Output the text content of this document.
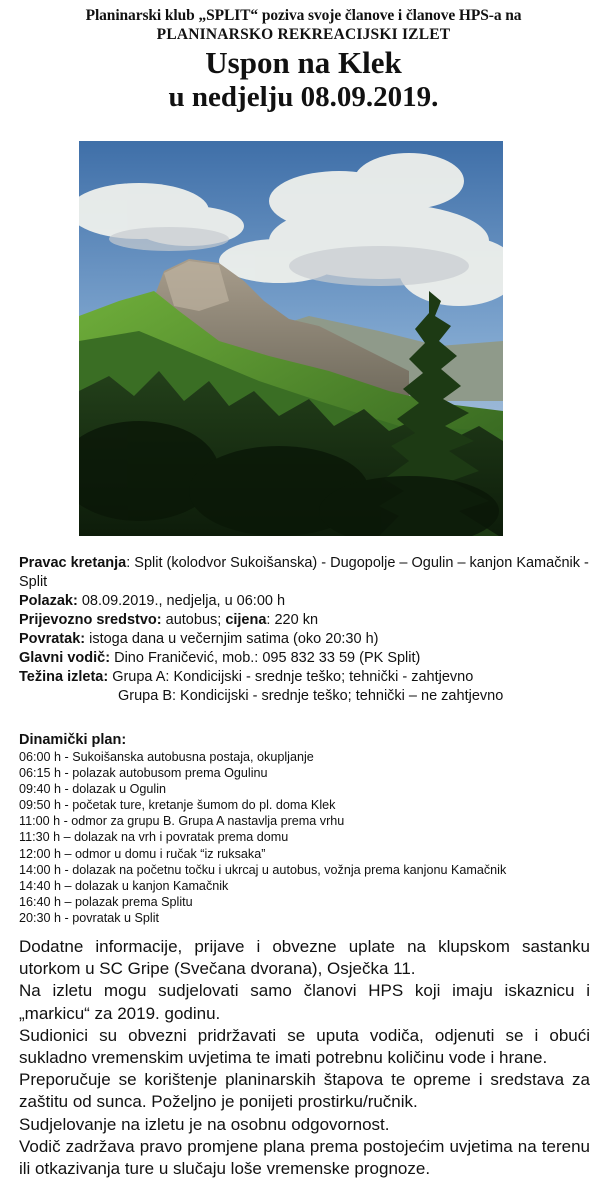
Planinarski klub „SPLIT“ poziva svoje članove i članove HPS-a na
PLANINARSKO REKREACIJSKI IZLET
Uspon na Klek
u nedjelju 08.09.2019.
Pravac kretanja: Split (kolodvor Sukoišanska) - Dugopolje – Ogulin – kanjon Kamačnik - Split
Polazak: 08.09.2019., nedjelja, u 06:00 h
Prijevozno sredstvo: autobus; cijena: 220 kn
Povratak: istoga dana u večernjim satima (oko 20:30 h)
Glavni vodič: Dino Franičević, mob.: 095 832 33 59 (PK Split)
Težina izleta: Grupa A: Kondicijski - srednje teško; tehnički - zahtjevno
Grupa B: Kondicijski - srednje teško; tehnički – ne zahtjevno
Dinamički plan:
06:00 h - Sukoišanska autobusna postaja, okupljanje
06:15 h - polazak autobusom prema Ogulinu
09:40 h - dolazak u Ogulin
09:50 h - početak ture, kretanje šumom do pl. doma Klek
11:00 h - odmor za grupu B. Grupa A nastavlja prema vrhu
11:30 h – dolazak na vrh i povratak prema domu
12:00 h – odmor u domu i ručak “iz ruksaka”
14:00 h - dolazak na početnu točku i ukrcaj u autobus, vožnja prema kanjonu Kamačnik
14:40 h – dolazak u kanjon Kamačnik
16:40 h – polazak prema Splitu
20:30 h - povratak u Split

Dodatne informacije, prijave i obvezne uplate na klupskom sastanku utorkom u SC Gripe (Svečana dvorana), Osječka 11.

Na izletu mogu sudjelovati samo članovi HPS koji imaju iskaznicu i „markicu“ za 2019. godinu.

Sudionici su obvezni pridržavati se uputa vodiča, odjenuti se i obući sukladno vremenskim uvjetima te imati potrebnu količinu vode i hrane.

Preporučuje se korištenje planinarskih štapova te opreme i sredstava za zaštitu od sunca. Poželjno je ponijeti prostirku/ručnik.

Sudjelovanje na izletu je na osobnu odgovornost.

Vodič zadržava pravo promjene plana prema postojećim uvjetima na terenu ili otkazivanja ture u slučaju loše vremenske prognoze.
